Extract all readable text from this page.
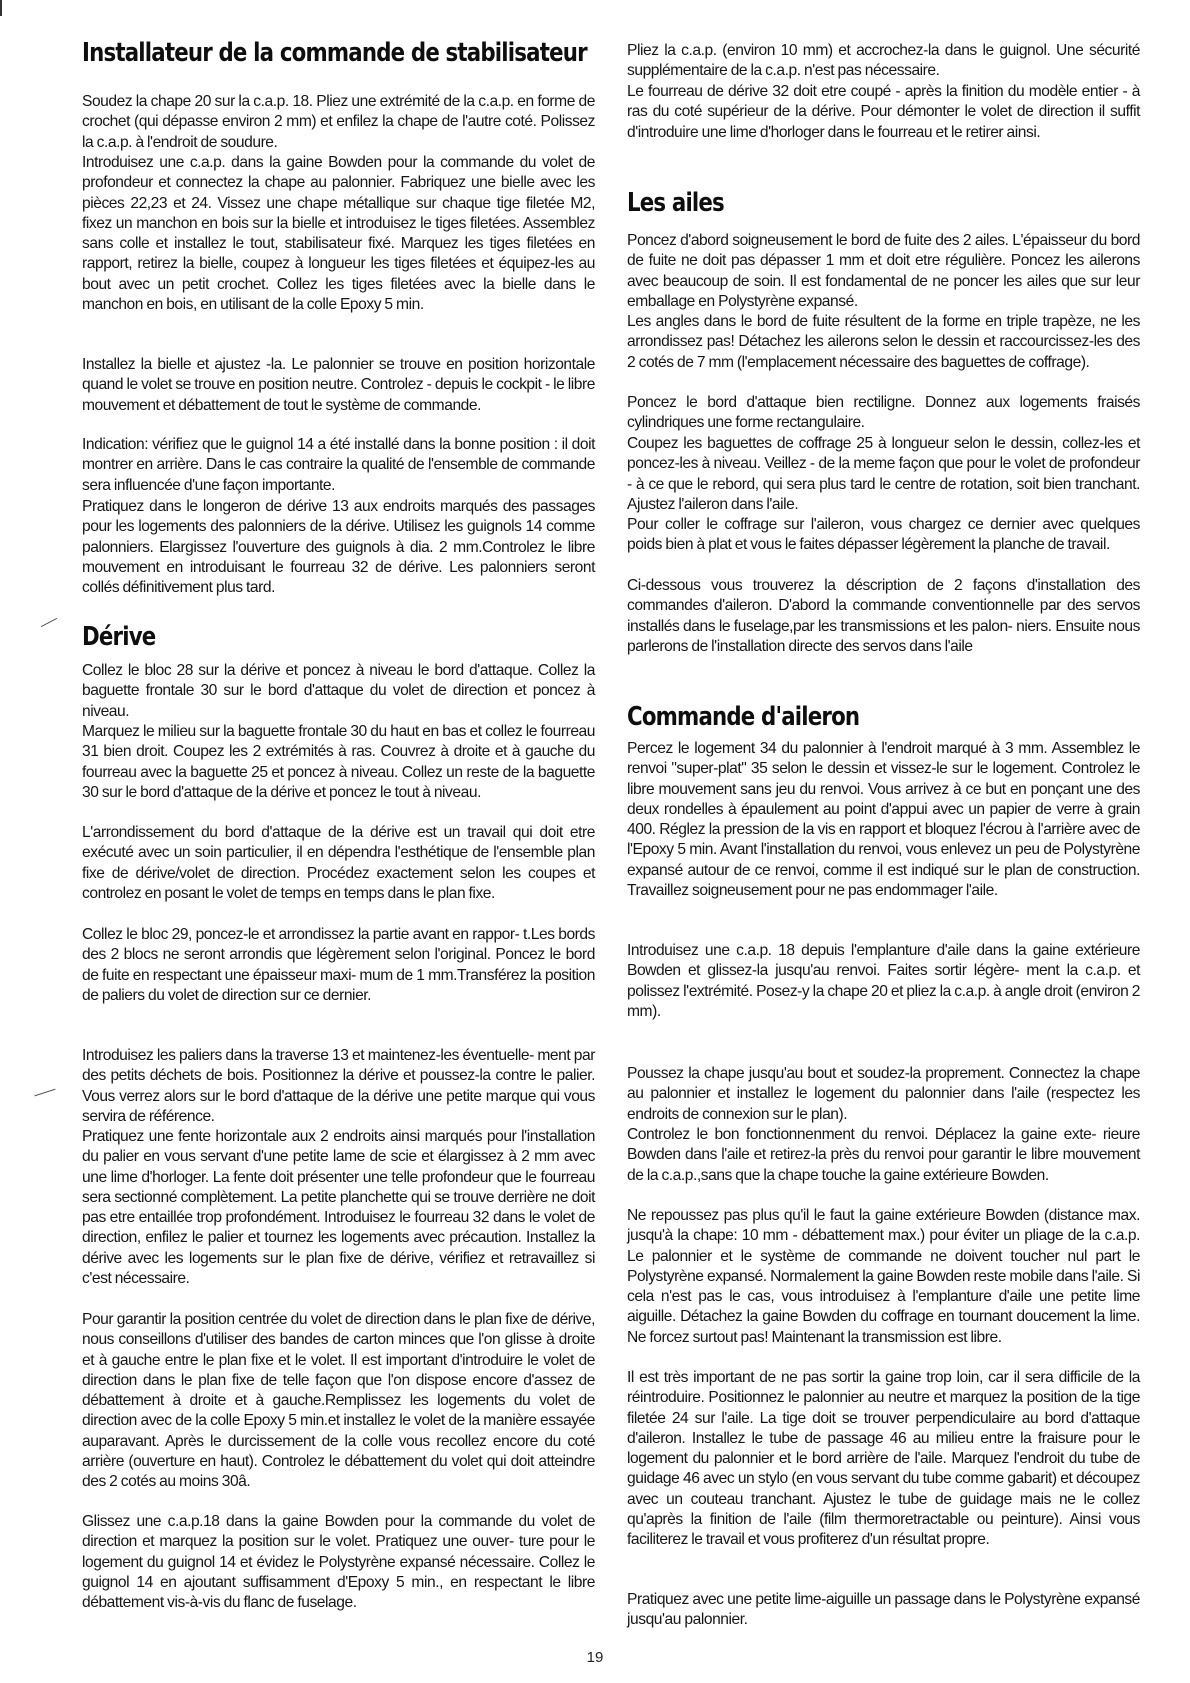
Installateur de la commande de stabilisateur

Soudez la chape 20 sur la c.a.p. 18. Pliez une extrémité de la c.a.p. en forme de crochet (qui dépasse environ 2 mm) et enfilez la chape de l'autre coté. Polissez la c.a.p. à l'endroit de soudure.

Introduisez une c.a.p. dans la gaine Bowden pour la commande du volet de profondeur et connectez la chape au palonnier. Fabriquez une bielle avec les pièces 22,23 et 24. Vissez une chape métallique sur chaque tige filetée M2, fixez un manchon en bois sur la bielle et introduisez le tiges filetées. Assemblez sans colle et installez le tout, stabilisateur fixé. Marquez les tiges filetées en rapport, retirez la bielle, coupez à longueur les tiges filetées et équipez-les au bout avec un petit crochet. Collez les tiges filetées avec la bielle dans le manchon en bois, en utilisant de la colle Epoxy 5 min.

Installez la bielle et ajustez -la. Le palonnier se trouve en position horizontale quand le volet se trouve en position neutre. Controlez - depuis le cockpit - le libre mouvement et débattement de tout le système de commande.

Indication: vérifiez que le guignol 14 a été installé dans la bonne position : il doit montrer en arrière. Dans le cas contraire la qualité de l'ensemble de commande sera influencée d'une façon importante.

Pratiquez dans le longeron de dérive 13 aux endroits marqués des passages pour les logements des palonniers de la dérive. Utilisez les guignols 14 comme palonniers. Elargissez l'ouverture des guignols à dia. 2 mm.Controlez le libre mouvement en introduisant le fourreau 32 de dérive. Les palonniers seront collés définitivement plus tard.

Dérive

Collez le bloc 28 sur la dérive et poncez à niveau le bord d'attaque. Collez la baguette frontale 30 sur le bord d'attaque du volet de direction et poncez à niveau.

Marquez le milieu sur la baguette frontale 30 du haut en bas et collez le fourreau 31 bien droit. Coupez les 2 extrémités à ras. Couvrez à droite et à gauche du fourreau avec la baguette 25 et poncez à niveau. Collez un reste de la baguette 30 sur le bord d'attaque de la dérive et poncez le tout à niveau.

L'arrondissement du bord d'attaque de la dérive est un travail qui doit etre exécuté avec un soin particulier, il en dépendra l'esthétique de l'ensemble plan fixe de dérive/volet de direction. Procédez exactement selon les coupes et controlez en posant le volet de temps en temps dans le plan fixe.

Collez le bloc 29, poncez-le et arrondissez la partie avant en rappor- t.Les bords des 2 blocs ne seront arrondis que légèrement selon l'original. Poncez le bord de fuite en respectant une épaisseur maxi- mum de 1 mm.Transférez la position de paliers du volet de direction sur ce dernier.

Introduisez les paliers dans la traverse 13 et maintenez-les éventuelle- ment par des petits déchets de bois. Positionnez la dérive et poussez-la contre le palier. Vous verrez alors sur le bord d'attaque de la dérive une petite marque qui vous servira de référence.

Pratiquez une fente horizontale aux 2 endroits ainsi marqués pour l'installation du palier en vous servant d'une petite lame de scie et élargissez à 2 mm avec une lime d'horloger. La fente doit présenter une telle profondeur que le fourreau sera sectionné complètement. La petite planchette qui se trouve derrière ne doit pas etre entaillée trop profondément. Introduisez le fourreau 32 dans le volet de direction, enfilez le palier et tournez les logements avec précaution. Installez la dérive avec les logements sur le plan fixe de dérive, vérifiez et retravaillez si c'est nécessaire.

Pour garantir la position centrée du volet de direction dans le plan fixe de dérive, nous conseillons d'utiliser des bandes de carton minces que l'on glisse à droite et à gauche entre le plan fixe et le volet. Il est important d'introduire le volet de direction dans le plan fixe de telle façon que l'on dispose encore d'assez de débattement à droite et à gauche.Remplissez les logements du volet de direction avec de la colle Epoxy 5 min.et installez le volet de la manière essayée auparavant. Après le durcissement de la colle vous recollez encore du coté arrière (ouverture en haut). Controlez le débattement du volet qui doit atteindre des 2 cotés au moins 30â.

Glissez une c.a.p.18 dans la gaine Bowden pour la commande du volet de direction et marquez la position sur le volet. Pratiquez une ouver- ture pour le logement du guignol 14 et évidez le Polystyrène expansé nécessaire. Collez le guignol 14 en ajoutant suffisamment d'Epoxy 5 min., en respectant le libre débattement vis-à-vis du flanc de fuselage.

Pliez la c.a.p. (environ 10 mm) et accrochez-la dans le guignol. Une sécurité supplémentaire de la c.a.p. n'est pas nécessaire.

Le fourreau de dérive 32 doit etre coupé - après la finition du modèle entier - à ras du coté supérieur de la dérive. Pour démonter le volet de direction il suffit d'introduire une lime d'horloger dans le fourreau et le retirer ainsi.

Les ailes

Poncez d'abord soigneusement le bord de fuite des 2 ailes. L'épaisseur du bord de fuite ne doit pas dépasser 1 mm et doit etre régulière. Poncez les ailerons avec beaucoup de soin. Il est fondamental de ne poncer les ailes que sur leur emballage en Polystyrène expansé.

Les angles dans le bord de fuite résultent de la forme en triple trapèze, ne les arrondissez pas! Détachez les ailerons selon le dessin et raccourcissez-les des 2 cotés de 7 mm (l'emplacement nécessaire des baguettes de coffrage).

Poncez le bord d'attaque bien rectiligne. Donnez aux logements fraisés cylindriques une forme rectangulaire.

Coupez les baguettes de coffrage 25 à longueur selon le dessin, collez-les et poncez-les à niveau. Veillez - de la meme façon que pour le volet de profondeur - à ce que le rebord, qui sera plus tard le centre de rotation, soit bien tranchant. Ajustez l'aileron dans l'aile.

Pour coller le coffrage sur l'aileron, vous chargez ce dernier avec quelques poids bien à plat et vous le faites dépasser légèrement la planche de travail.

Ci-dessous vous trouverez la déscription de 2 façons d'installation des commandes d'aileron. D'abord la commande conventionnelle par des servos installés dans le fuselage,par les transmissions et les palon- niers. Ensuite nous parlerons de l'installation directe des servos dans l'aile

Commande d'aileron

Percez le logement 34 du palonnier à l'endroit marqué à 3 mm. Assemblez le renvoi "super-plat" 35 selon le dessin et vissez-le sur le logement. Controlez le libre mouvement sans jeu du renvoi. Vous arrivez à ce but en ponçant une des deux rondelles à épaulement au point d'appui avec un papier de verre à grain 400. Réglez la pression de la vis en rapport et bloquez l'écrou à l'arrière avec de l'Epoxy 5 min. Avant l'installation du renvoi, vous enlevez un peu de Polystyrène expansé autour de ce renvoi, comme il est indiqué sur le plan de construction. Travaillez soigneusement pour ne pas endommager l'aile.

Introduisez une c.a.p. 18 depuis l'emplanture d'aile dans la gaine extérieure Bowden et glissez-la jusqu'au renvoi. Faites sortir légère- ment la c.a.p. et polissez l'extrémité. Posez-y la chape 20 et pliez la c.a.p. à angle droit (environ 2 mm).

Poussez la chape jusqu'au bout et soudez-la proprement. Connectez la chape au palonnier et installez le logement du palonnier dans l'aile (respectez les endroits de connexion sur le plan).

Controlez le bon fonctionnenment du renvoi. Déplacez la gaine exte- rieure Bowden dans l'aile et retirez-la près du renvoi pour garantir le libre mouvement de la c.a.p.,sans que la chape touche la gaine extérieure Bowden.

Ne repoussez pas plus qu'il le faut la gaine extérieure Bowden (distance max. jusqu'à la chape: 10 mm - débattement max.) pour éviter un pliage de la c.a.p. Le palonnier et le système de commande ne doivent toucher nul part le Polystyrène expansé. Normalement la gaine Bowden reste mobile dans l'aile. Si cela n'est pas le cas, vous introduisez à l'emplanture d'aile une petite lime aiguille. Détachez la gaine Bowden du coffrage en tournant doucement la lime. Ne forcez surtout pas! Maintenant la transmission est libre.

Il est très important de ne pas sortir la gaine trop loin, car il sera difficile de la réintroduire. Positionnez le palonnier au neutre et marquez la position de la tige filetée 24 sur l'aile. La tige doit se trouver perpendiculaire au bord d'attaque d'aileron. Installez le tube de passage 46 au milieu entre la fraisure pour le logement du palonnier et le bord arrière de l'aile. Marquez l'endroit du tube de guidage 46 avec un stylo (en vous servant du tube comme gabarit) et découpez avec un couteau tranchant. Ajustez le tube de guidage mais ne le collez qu'après la finition de l'aile (film thermoretractable ou peinture). Ainsi vous faciliterez le travail et vous profiterez d'un résultat propre.

Pratiquez avec une petite lime-aiguille un passage dans le Polystyrène expansé jusqu'au palonnier.

19
